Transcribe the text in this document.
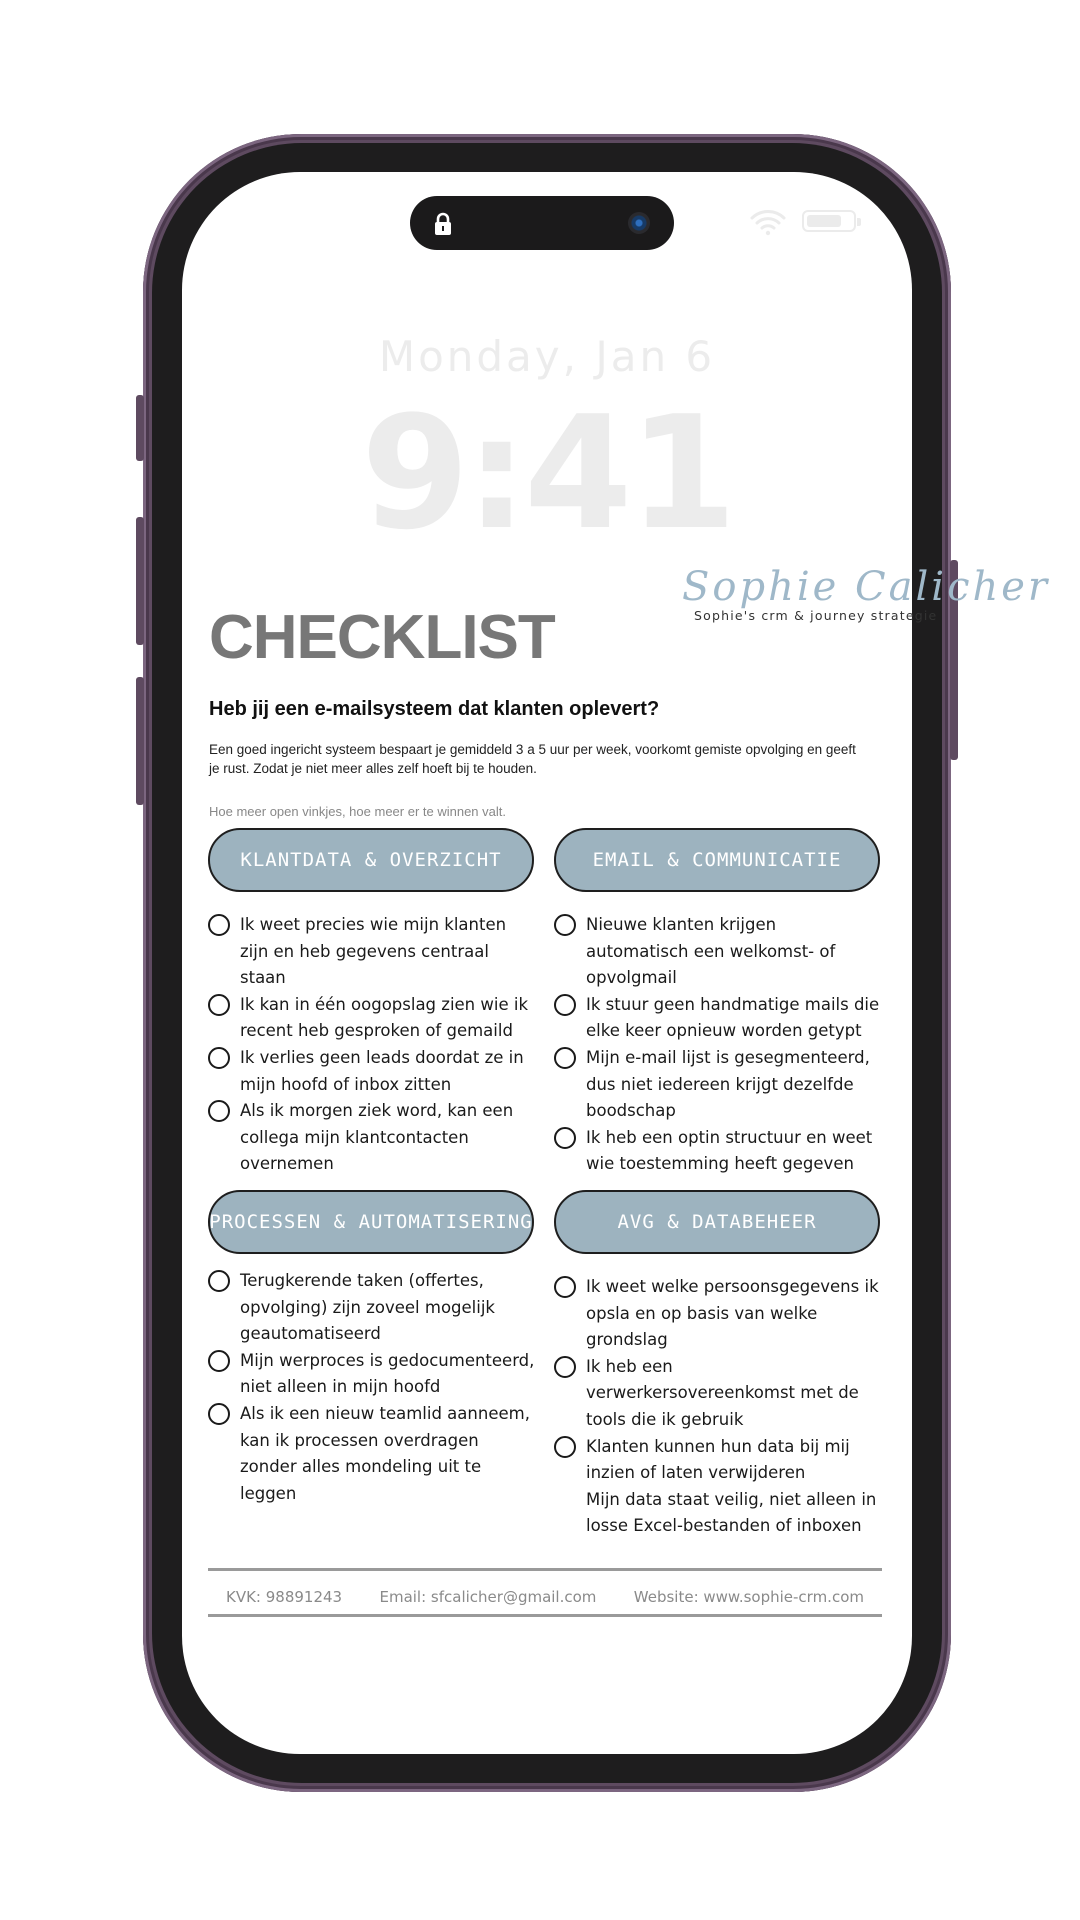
Monday, Jan 6
9:41
Sophie Calicher
Sophie's crm & journey strategie
CHECKLIST
Heb jij een e-mailsysteem dat klanten oplevert?

Een goed ingericht systeem bespaart je gemiddeld 3 a 5 uur per week, voorkomt gemiste opvolging en geeft je rust. Zodat je niet meer alles zelf hoeft bij te houden.

Hoe meer open vinkjes, hoe meer er te winnen valt.

KLANTDATA & OVERZICHT
Ik weet precies wie mijn klanten zijn en heb gegevens centraal staan
Ik kan in één oogopslag zien wie ik recent heb gesproken of gemaild
Ik verlies geen leads doordat ze in mijn hoofd of inbox zitten
Als ik morgen ziek word, kan een collega mijn klantcontacten overnemen
EMAIL & COMMUNICATIE
Nieuwe klanten krijgen automatisch een welkomst- of opvolgmail
Ik stuur geen handmatige mails die elke keer opnieuw worden getypt
Mijn e-mail lijst is gesegmenteerd, dus niet iedereen krijgt dezelfde boodschap
Ik heb een optin structuur en weet wie toestemming heeft gegeven
PROCESSEN & AUTOMATISERING
Terugkerende taken (offertes, opvolging) zijn zoveel mogelijk geautomatiseerd
Mijn werproces is gedocumenteerd, niet alleen in mijn hoofd
Als ik een nieuw teamlid aanneem, kan ik processen overdragen zonder alles mondeling uit te leggen
AVG & DATABEHEER
Ik weet welke persoonsgegevens ik opsla en op basis van welke grondslag
Ik heb een verwerkersovereenkomst met de tools die ik gebruik
Klanten kunnen hun data bij mij inzien of laten verwijderen
Mijn data staat veilig, niet alleen in losse Excel-bestanden of inboxen
KVK: 98891243 Email: sfcalicher@gmail.com Website: www.sophie-crm.com
